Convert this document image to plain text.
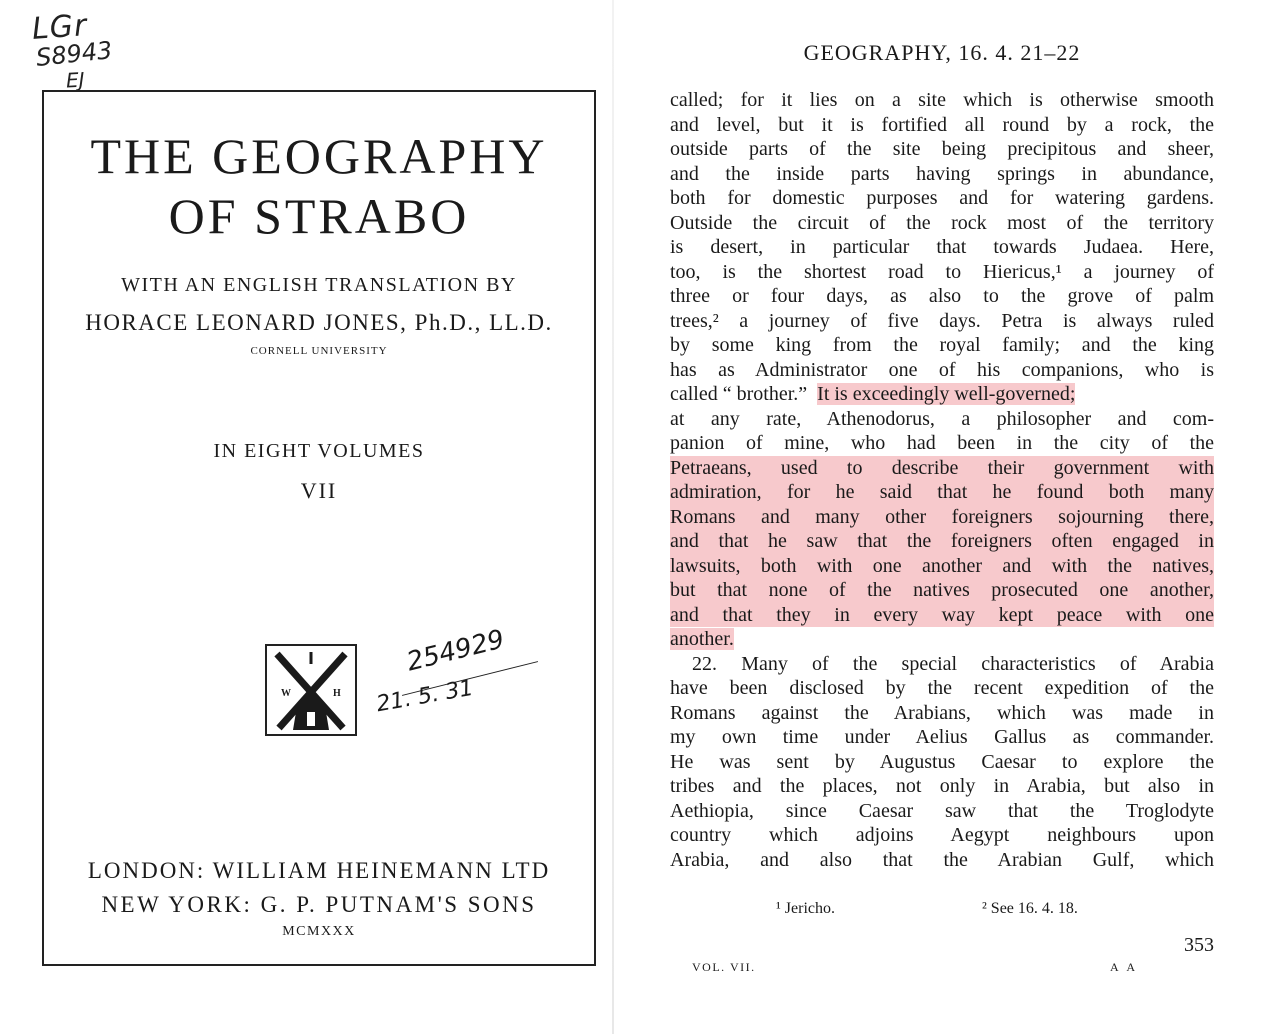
LGr
S8943
EJ
THE GEOGRAPHY
OF STRABO
WITH AN ENGLISH TRANSLATION BY
HORACE LEONARD JONES, Ph.D., LL.D.
CORNELL UNIVERSITY
IN EIGHT VOLUMES
VII
W	H
LONDON: WILLIAM HEINEMANN LTD
NEW YORK: G. P. PUTNAM'S SONS
MCMXXX
254929
21. 5. 31
GEOGRAPHY, 16. 4. 21–22
called; for it lies on a site which is otherwise smooth
and level, but it is fortified all round by a rock, the
outside parts of the site being precipitous and sheer,
and the inside parts having springs in abundance,
both for domestic purposes and for watering gardens.
Outside the circuit of the rock most of the territory
is desert, in particular that towards Judaea. Here,
too, is the shortest road to Hiericus,¹ a journey of
three or four days, as also to the grove of palm
trees,² a journey of five days. Petra is always ruled
by some king from the royal family; and the king
has as Administrator one of his companions, who is
called “ brother.” It is exceedingly well-governed;
at any rate, Athenodorus, a philosopher and com-
panion of mine, who had been in the city of the
Petraeans, used to describe their government with
admiration, for he said that he found both many
Romans and many other foreigners sojourning there,
and that he saw that the foreigners often engaged in
lawsuits, both with one another and with the natives,
but that none of the natives prosecuted one another,
and that they in every way kept peace with one
another.
22. Many of the special characteristics of Arabia
have been disclosed by the recent expedition of the
Romans against the Arabians, which was made in
my own time under Aelius Gallus as commander.
He was sent by Augustus Caesar to explore the
tribes and the places, not only in Arabia, but also in
Aethiopia, since Caesar saw that the Troglodyte
country which adjoins Aegypt neighbours upon
Arabia, and also that the Arabian Gulf, which
¹ Jericho.	² See 16. 4. 18.
353
VOL. VII.	A A
